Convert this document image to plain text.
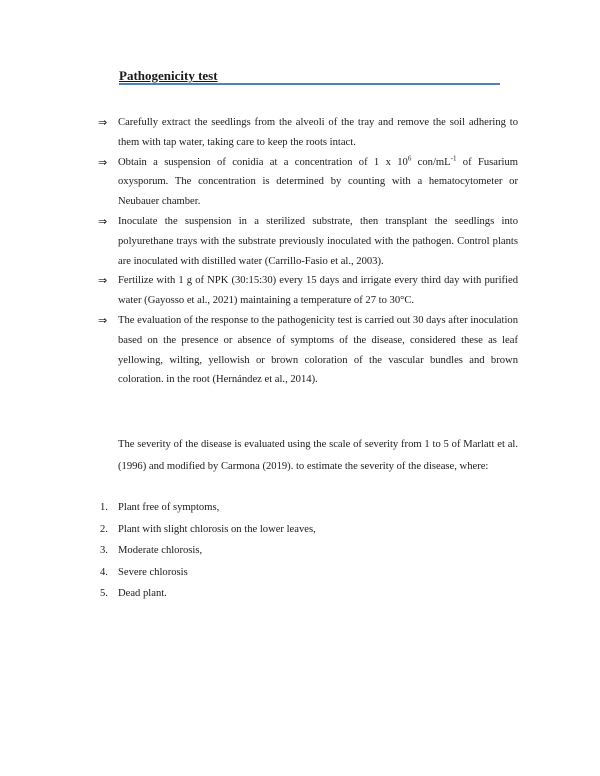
Pathogenicity test
⇒ Carefully extract the seedlings from the alveoli of the tray and remove the soil adhering to them with tap water, taking care to keep the roots intact.
⇒ Obtain a suspension of conidia at a concentration of 1 x $10^6$ con/$mL^{-1}$ of Fusarium oxysporum. The concentration is determined by counting with a hematocytometer or Neubauer chamber.
⇒ Inoculate the suspension in a sterilized substrate, then transplant the seedlings into polyurethane trays with the substrate previously inoculated with the pathogen. Control plants are inoculated with distilled water (Carrillo-Fasio et al., 2003).
⇒ Fertilize with 1 g of NPK (30:15:30) every 15 days and irrigate every third day with purified water (Gayosso et al., 2021) maintaining a temperature of 27 to 30°C.
⇒ The evaluation of the response to the pathogenicity test is carried out 30 days after inoculation based on the presence or absence of symptoms of the disease, considered these as leaf yellowing, wilting, yellowish or brown coloration of the vascular bundles and brown coloration. in the root (Hernández et al., 2014).

The severity of the disease is evaluated using the scale of severity from 1 to 5 of Marlatt et al. (1996) and modified by Carmona (2019). to estimate the severity of the disease, where:

1. Plant free of symptoms,
2. Plant with slight chlorosis on the lower leaves,
3. Moderate chlorosis,
4. Severe chlorosis
5. Dead plant.
